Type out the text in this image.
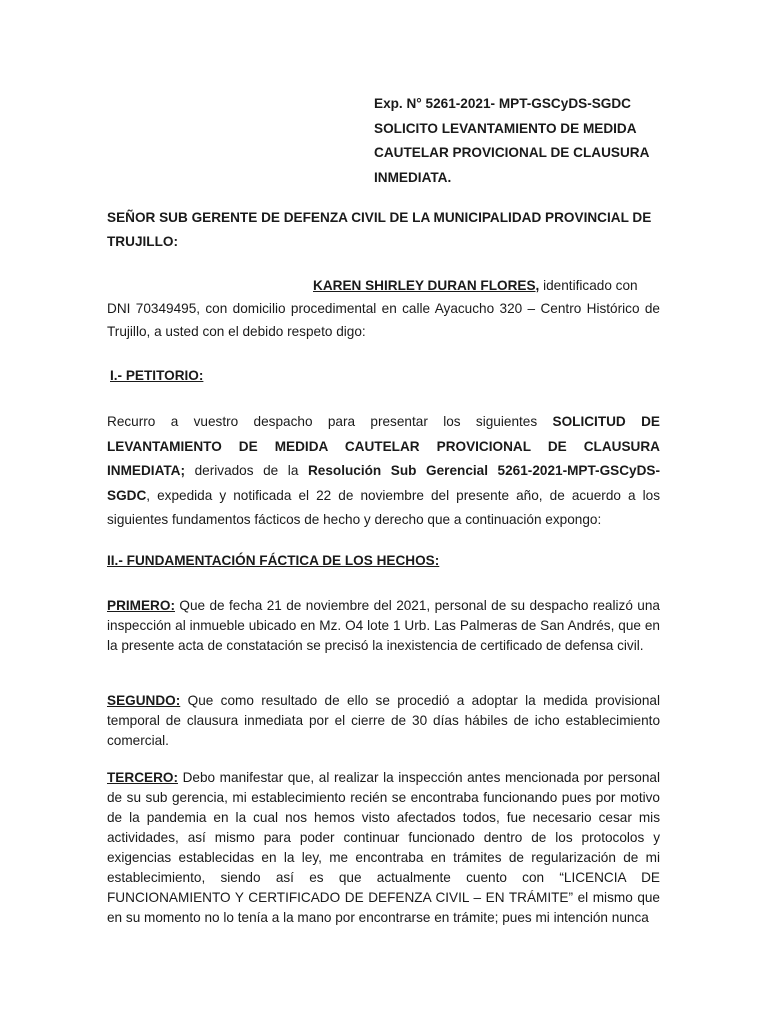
Exp. N° 5261-2021- MPT-GSCyDS-SGDC
SOLICITO LEVANTAMIENTO DE MEDIDA
CAUTELAR PROVICIONAL DE CLAUSURA
INMEDIATA.
SEÑOR SUB GERENTE DE DEFENZA CIVIL DE LA MUNICIPALIDAD PROVINCIAL DE
TRUJILLO:
KAREN SHIRLEY DURAN FLORES, identificado con

DNI 70349495, con domicilio procedimental en calle Ayacucho 320 – Centro Histórico de Trujillo, a usted con el debido respeto digo:

I.- PETITORIO:

Recurro a vuestro despacho para presentar los siguientes SOLICITUD DE LEVANTAMIENTO DE MEDIDA CAUTELAR PROVICIONAL DE CLAUSURA INMEDIATA; derivados de la Resolución Sub Gerencial 5261-2021-MPT-GSCyDS-SGDC, expedida y notificada el 22 de noviembre del presente año, de acuerdo a los siguientes fundamentos fácticos de hecho y derecho que a continuación expongo:

II.- FUNDAMENTACIÓN FÁCTICA DE LOS HECHOS:

PRIMERO: Que de fecha 21 de noviembre del 2021, personal de su despacho realizó una inspección al inmueble ubicado en Mz. O4 lote 1 Urb. Las Palmeras de San Andrés, que en la presente acta de constatación se precisó la inexistencia de certificado de defensa civil.

SEGUNDO: Que como resultado de ello se procedió a adoptar la medida provisional temporal de clausura inmediata por el cierre de 30 días hábiles de icho establecimiento comercial.

TERCERO: Debo manifestar que, al realizar la inspección antes mencionada por personal de su sub gerencia, mi establecimiento recién se encontraba funcionando pues por motivo de la pandemia en la cual nos hemos visto afectados todos, fue necesario cesar mis actividades, así mismo para poder continuar funcionado dentro de los protocolos y exigencias establecidas en la ley, me encontraba en trámites de regularización de mi establecimiento, siendo así es que actualmente cuento con “LICENCIA DE FUNCIONAMIENTO Y CERTIFICADO DE DEFENZA CIVIL – EN TRÁMITE” el mismo que en su momento no lo tenía a la mano por encontrarse en trámite; pues mi intención nunca
